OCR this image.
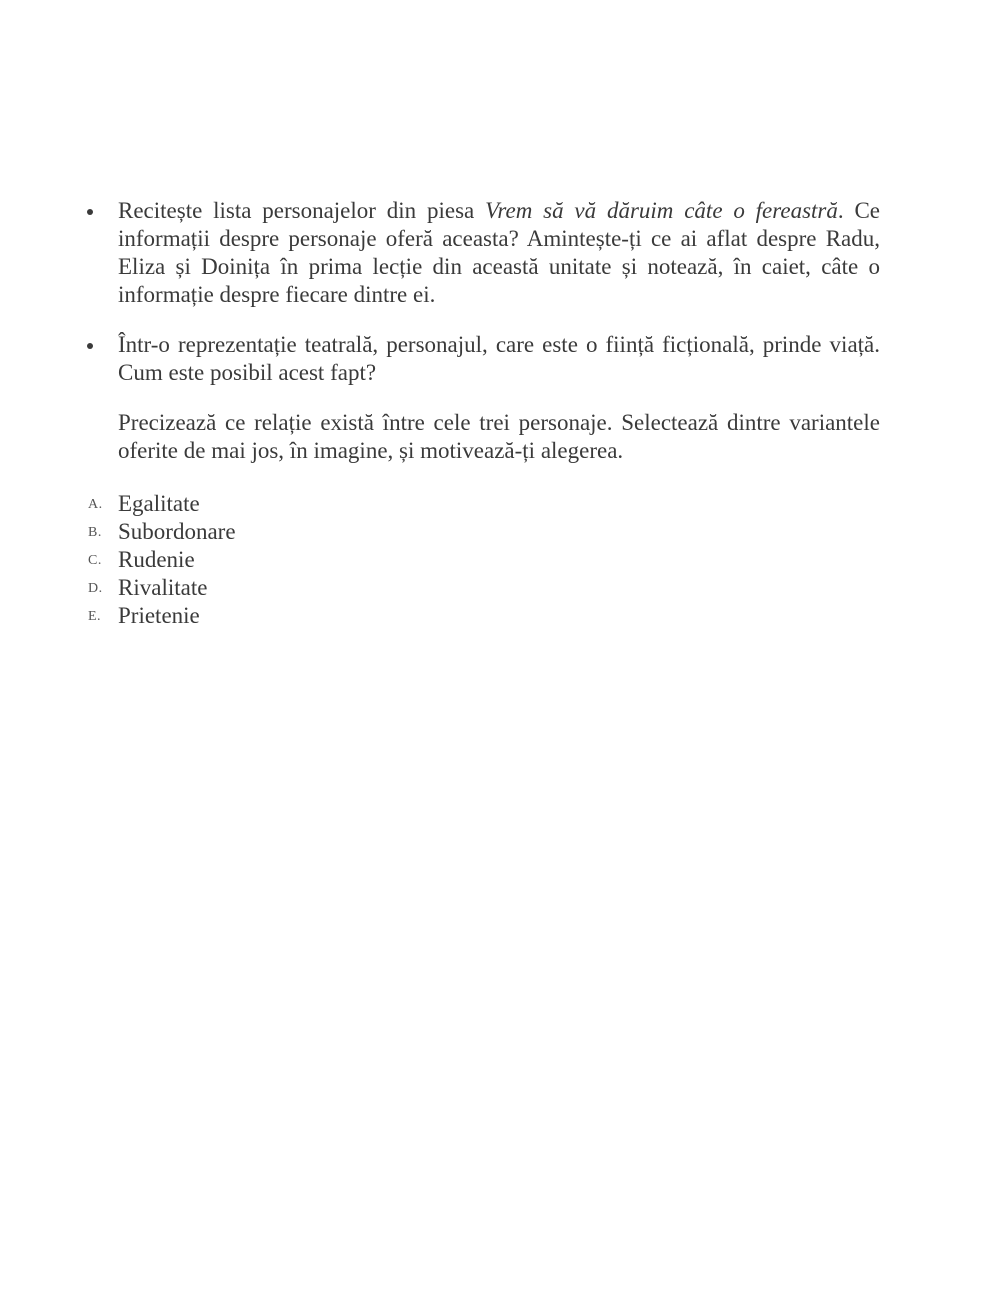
Recitește lista personajelor din piesa Vrem să vă dăruim câte o fereastră. Ce informații despre personaje oferă aceasta? Amintește-ți ce ai aflat despre Radu, Eliza și Doinița în prima lecție din această unitate și notează, în caiet, câte o informație despre fiecare dintre ei.
Într-o reprezentație teatrală, personajul, care este o ființă ficțională, prinde viață. Cum este posibil acest fapt?
Precizează ce relație există între cele trei personaje. Selectează dintre variantele oferite de mai jos, în imagine, și motivează-ți alegerea.
A. Egalitate
B. Subordonare
C. Rudenie
D. Rivalitate
E. Prietenie
